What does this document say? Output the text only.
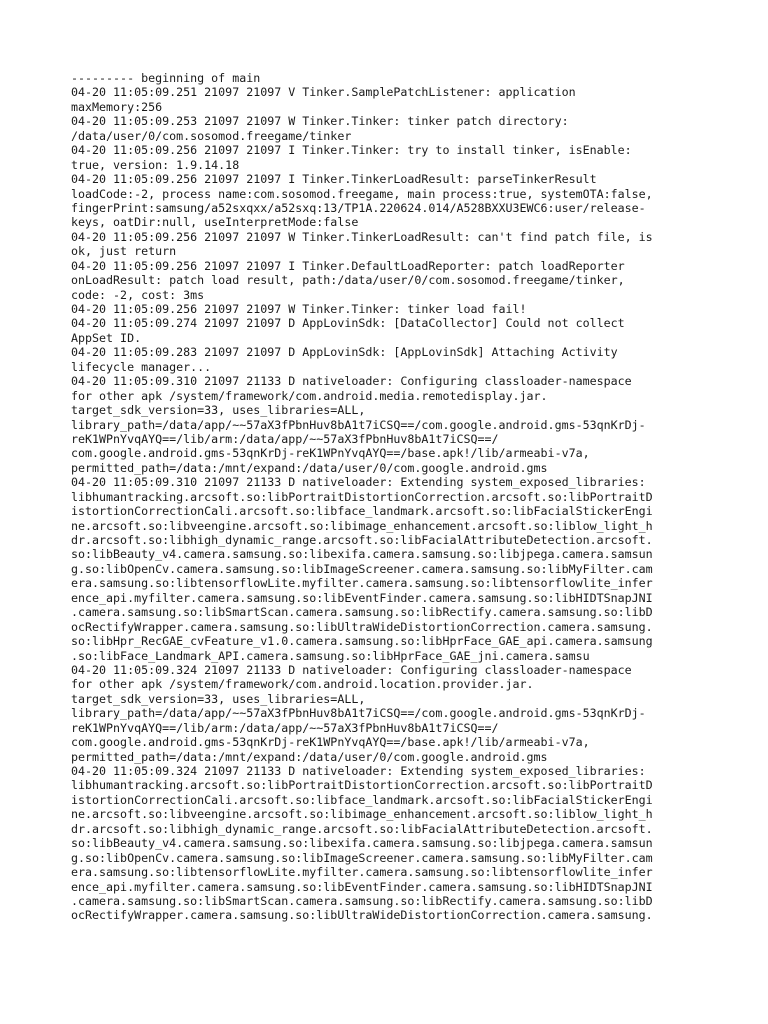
--------- beginning of main
04-20 11:05:09.251 21097 21097 V Tinker.SamplePatchListener: application
maxMemory:256
04-20 11:05:09.253 21097 21097 W Tinker.Tinker: tinker patch directory:
/data/user/0/com.sosomod.freegame/tinker
04-20 11:05:09.256 21097 21097 I Tinker.Tinker: try to install tinker, isEnable:
true, version: 1.9.14.18
04-20 11:05:09.256 21097 21097 I Tinker.TinkerLoadResult: parseTinkerResult
loadCode:-2, process name:com.sosomod.freegame, main process:true, systemOTA:false,
fingerPrint:samsung/a52sxqxx/a52sxq:13/TP1A.220624.014/A528BXXU3EWC6:user/release-
keys, oatDir:null, useInterpretMode:false
04-20 11:05:09.256 21097 21097 W Tinker.TinkerLoadResult: can't find patch file, is
ok, just return
04-20 11:05:09.256 21097 21097 I Tinker.DefaultLoadReporter: patch loadReporter
onLoadResult: patch load result, path:/data/user/0/com.sosomod.freegame/tinker,
code: -2, cost: 3ms
04-20 11:05:09.256 21097 21097 W Tinker.Tinker: tinker load fail!
04-20 11:05:09.274 21097 21097 D AppLovinSdk: [DataCollector] Could not collect
AppSet ID.
04-20 11:05:09.283 21097 21097 D AppLovinSdk: [AppLovinSdk] Attaching Activity
lifecycle manager...
04-20 11:05:09.310 21097 21133 D nativeloader: Configuring classloader-namespace
for other apk /system/framework/com.android.media.remotedisplay.jar.
target_sdk_version=33, uses_libraries=ALL,
library_path=/data/app/~~57aX3fPbnHuv8bA1t7iCSQ==/com.google.android.gms-53qnKrDj-
reK1WPnYvqAYQ==/lib/arm:/data/app/~~57aX3fPbnHuv8bA1t7iCSQ==/
com.google.android.gms-53qnKrDj-reK1WPnYvqAYQ==/base.apk!/lib/armeabi-v7a,
permitted_path=/data:/mnt/expand:/data/user/0/com.google.android.gms
04-20 11:05:09.310 21097 21133 D nativeloader: Extending system_exposed_libraries:
libhumantracking.arcsoft.so:libPortraitDistortionCorrection.arcsoft.so:libPortraitD
istortionCorrectionCali.arcsoft.so:libface_landmark.arcsoft.so:libFacialStickerEngi
ne.arcsoft.so:libveengine.arcsoft.so:libimage_enhancement.arcsoft.so:liblow_light_h
dr.arcsoft.so:libhigh_dynamic_range.arcsoft.so:libFacialAttributeDetection.arcsoft.
so:libBeauty_v4.camera.samsung.so:libexifa.camera.samsung.so:libjpega.camera.samsun
g.so:libOpenCv.camera.samsung.so:libImageScreener.camera.samsung.so:libMyFilter.cam
era.samsung.so:libtensorflowLite.myfilter.camera.samsung.so:libtensorflowlite_infer
ence_api.myfilter.camera.samsung.so:libEventFinder.camera.samsung.so:libHIDTSnapJNI
.camera.samsung.so:libSmartScan.camera.samsung.so:libRectify.camera.samsung.so:libD
ocRectifyWrapper.camera.samsung.so:libUltraWideDistortionCorrection.camera.samsung.
so:libHpr_RecGAE_cvFeature_v1.0.camera.samsung.so:libHprFace_GAE_api.camera.samsung
.so:libFace_Landmark_API.camera.samsung.so:libHprFace_GAE_jni.camera.samsu
04-20 11:05:09.324 21097 21133 D nativeloader: Configuring classloader-namespace
for other apk /system/framework/com.android.location.provider.jar.
target_sdk_version=33, uses_libraries=ALL,
library_path=/data/app/~~57aX3fPbnHuv8bA1t7iCSQ==/com.google.android.gms-53qnKrDj-
reK1WPnYvqAYQ==/lib/arm:/data/app/~~57aX3fPbnHuv8bA1t7iCSQ==/
com.google.android.gms-53qnKrDj-reK1WPnYvqAYQ==/base.apk!/lib/armeabi-v7a,
permitted_path=/data:/mnt/expand:/data/user/0/com.google.android.gms
04-20 11:05:09.324 21097 21133 D nativeloader: Extending system_exposed_libraries:
libhumantracking.arcsoft.so:libPortraitDistortionCorrection.arcsoft.so:libPortraitD
istortionCorrectionCali.arcsoft.so:libface_landmark.arcsoft.so:libFacialStickerEngi
ne.arcsoft.so:libveengine.arcsoft.so:libimage_enhancement.arcsoft.so:liblow_light_h
dr.arcsoft.so:libhigh_dynamic_range.arcsoft.so:libFacialAttributeDetection.arcsoft.
so:libBeauty_v4.camera.samsung.so:libexifa.camera.samsung.so:libjpega.camera.samsun
g.so:libOpenCv.camera.samsung.so:libImageScreener.camera.samsung.so:libMyFilter.cam
era.samsung.so:libtensorflowLite.myfilter.camera.samsung.so:libtensorflowlite_infer
ence_api.myfilter.camera.samsung.so:libEventFinder.camera.samsung.so:libHIDTSnapJNI
.camera.samsung.so:libSmartScan.camera.samsung.so:libRectify.camera.samsung.so:libD
ocRectifyWrapper.camera.samsung.so:libUltraWideDistortionCorrection.camera.samsung.
